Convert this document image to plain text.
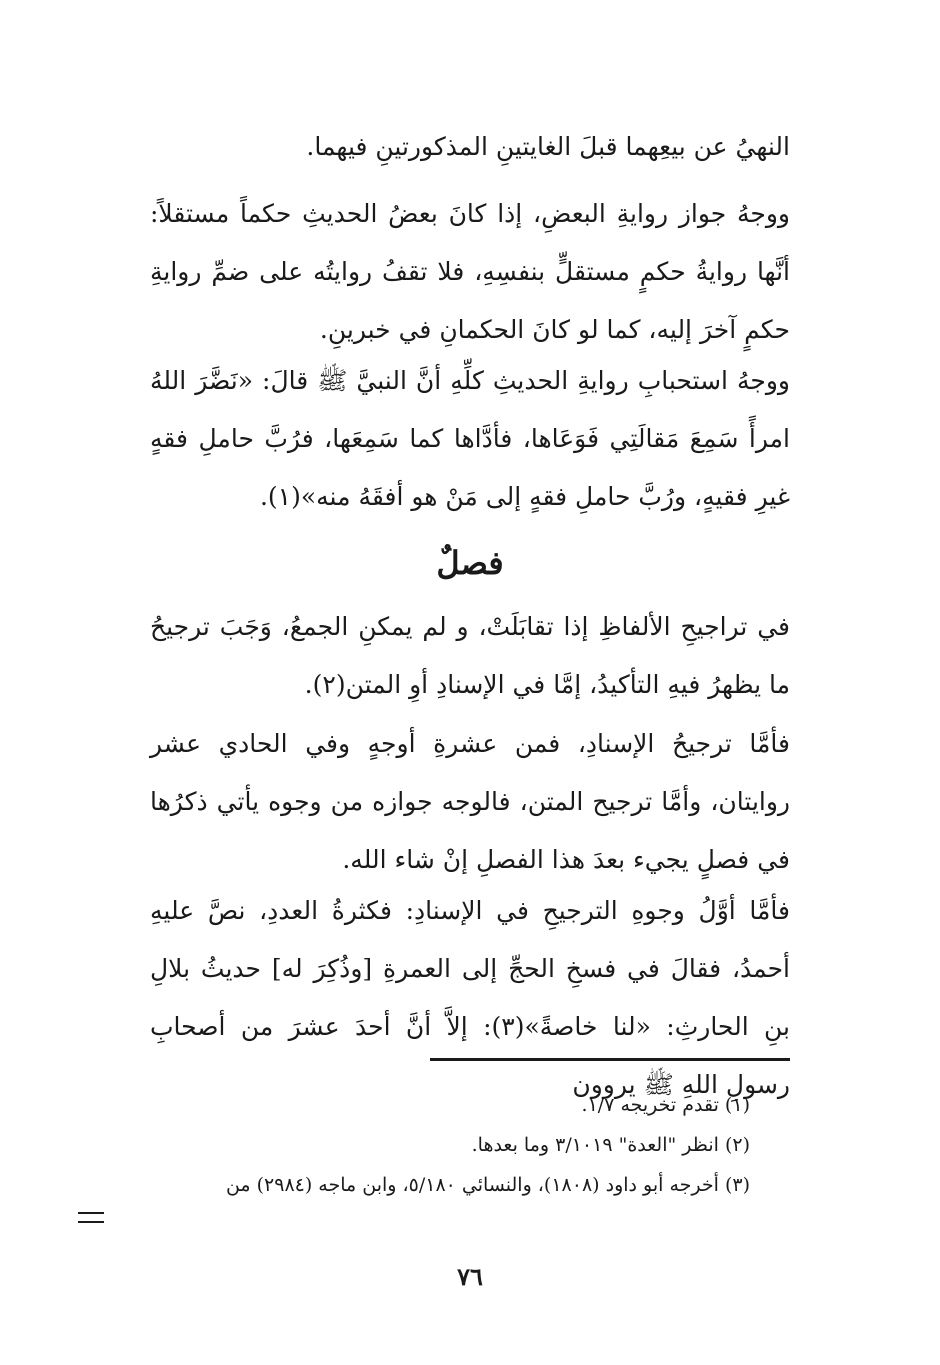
النهيُ عن بيعِهما قبلَ الغايتينِ المذكورتينِ فيهما.

ووجهُ جواز روايةِ البعضِ، إذا كانَ بعضُ الحديثِ حكماً مستقلاً: أنَّها روايةُ حكمٍ مستقلٍّ بنفسِهِ، فلا تقفُ روايتُه على ضمِّ روايةِ حكمٍ آخرَ إليه، كما لو كانَ الحكمانِ في خبرينِ.

ووجهُ استحبابِ روايةِ الحديثِ كلِّهِ أنَّ النبيَّ ﷺ قالَ: «نَضَّرَ اللهُ امرأً سَمِعَ مَقالَتِي فَوَعَاها، فأدَّاها كما سَمِعَها، فرُبَّ حاملِ فقهٍ غيرِ فقيهٍ، ورُبَّ حاملِ فقهٍ إلى مَنْ هو أفقَهُ منه»(١).

فصلٌ

في تراجيحِ الألفاظِ إذا تقابَلَتْ، و لم يمكنِ الجمعُ، وَجَبَ ترجيحُ ما يظهرُ فيهِ التأكيدُ، إمَّا في الإسنادِ أوِ المتن(٢).

فأمَّا ترجيحُ الإسنادِ، فمن عشرةِ أوجهٍ وفي الحادي عشر روايتان، وأمَّا ترجيح المتن، فالوجه جوازه من وجوه يأتي ذكرُها في فصلٍ يجيء بعدَ هذا الفصلِ إنْ شاء الله.

فأمَّا أوَّلُ وجوهِ الترجيحِ في الإسنادِ: فكثرةُ العددِ، نصَّ عليهِ أحمدُ، فقالَ في فسخِ الحجِّ إلى العمرةِ [وذُكِرَ له] حديثُ بلالِ بنِ الحارثِ: «لنا خاصةً»(٣): إلاَّ أنَّ أحدَ عشرَ من أصحابِ رسولِ اللهِ ﷺ يروون

(١) تقدم تخريجه ١/٧.

(٢) انظر "العدة" ٣/١٠١٩ وما بعدها.

(٣) أخرجه أبو داود (١٨٠٨)، والنسائي ٥/١٨٠، وابن ماجه (٢٩٨٤) من

٧٦
